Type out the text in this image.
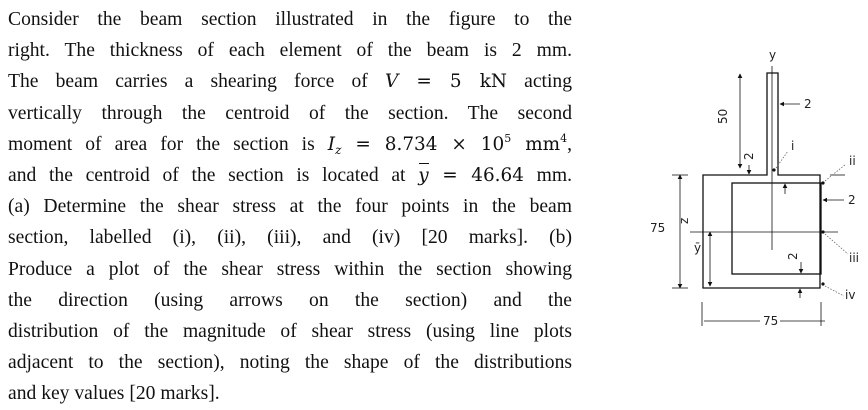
Consider the beam section illustrated in the figure to the
right. The thickness of each element of the beam is 2 mm.
The beam carries a shearing force of V = 5 kN acting
vertically through the centroid of the section. The second
moment of area for the section is $I_z = 8.734 \times 10^5$ $mm^4$,
and the centroid of the section is located at y = 46.64 mm.
(a) Determine the shear stress at the four points in the beam
section, labelled (i), (ii), (iii), and (iv) [20 marks]. (b)
Produce a plot of the shear stress within the section showing
the direction (using arrows on the section) and the
distribution of the magnitude of shear stress (using line plots
adjacent to the section), noting the shape of the distributions
and key values [20 marks].
y
z
ȳ
50
75
75
2
2
2
2
i
ii
iii
iv
